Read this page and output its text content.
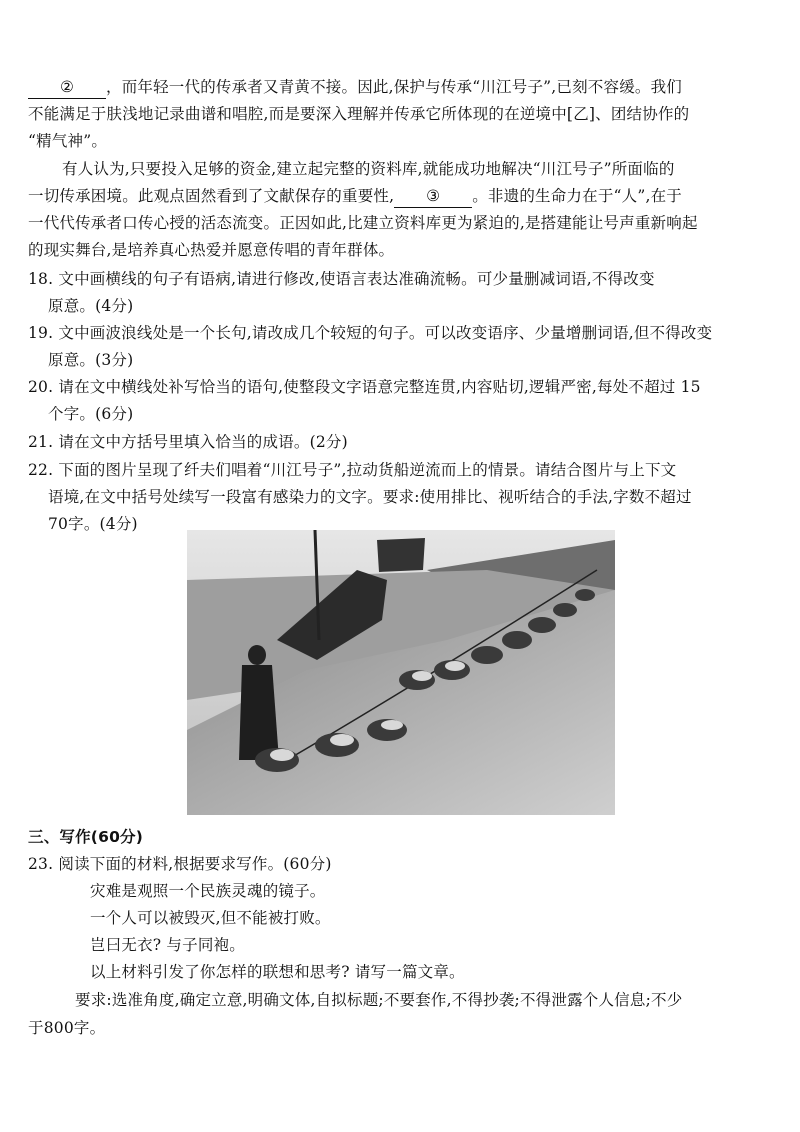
② ，而年轻一代的传承者又青黄不接。因此,保护与传承“川江号子”,已刻不容缓。我们
不能满足于肤浅地记录曲谱和唱腔,而是要深入理解并传承它所体现的在逆境中[乙]、团结协作的
“精气神”。
有人认为,只要投入足够的资金,建立起完整的资料库,就能成功地解决“川江号子”所面临的
一切传承困境。此观点固然看到了文献保存的重要性, ③ 。非遗的生命力在于“人”,在于
一代代传承者口传心授的活态流变。正因如此,比建立资料库更为紧迫的,是搭建能让号声重新响起
的现实舞台,是培养真心热爱并愿意传唱的青年群体。
18. 文中画横线的句子有语病,请进行修改,使语言表达准确流畅。可少量删减词语,不得改变
原意。(4分)
19. 文中画波浪线处是一个长句,请改成几个较短的句子。可以改变语序、少量增删词语,但不得改变
原意。(3分)
20. 请在文中横线处补写恰当的语句,使整段文字语意完整连贯,内容贴切,逻辑严密,每处不超过 15
个字。(6分)
21. 请在文中方括号里填入恰当的成语。(2分)
22. 下面的图片呈现了纤夫们唱着“川江号子”,拉动货船逆流而上的情景。请结合图片与上下文
语境,在文中括号处续写一段富有感染力的文字。要求:使用排比、视听结合的手法,字数不超过
70字。(4分)
三、写作(60分)
23. 阅读下面的材料,根据要求写作。(60分)
灾难是观照一个民族灵魂的镜子。
一个人可以被毁灭,但不能被打败。
岂曰无衣? 与子同袍。
以上材料引发了你怎样的联想和思考? 请写一篇文章。
要求:选准角度,确定立意,明确文体,自拟标题;不要套作,不得抄袭;不得泄露个人信息;不少
于800字。
